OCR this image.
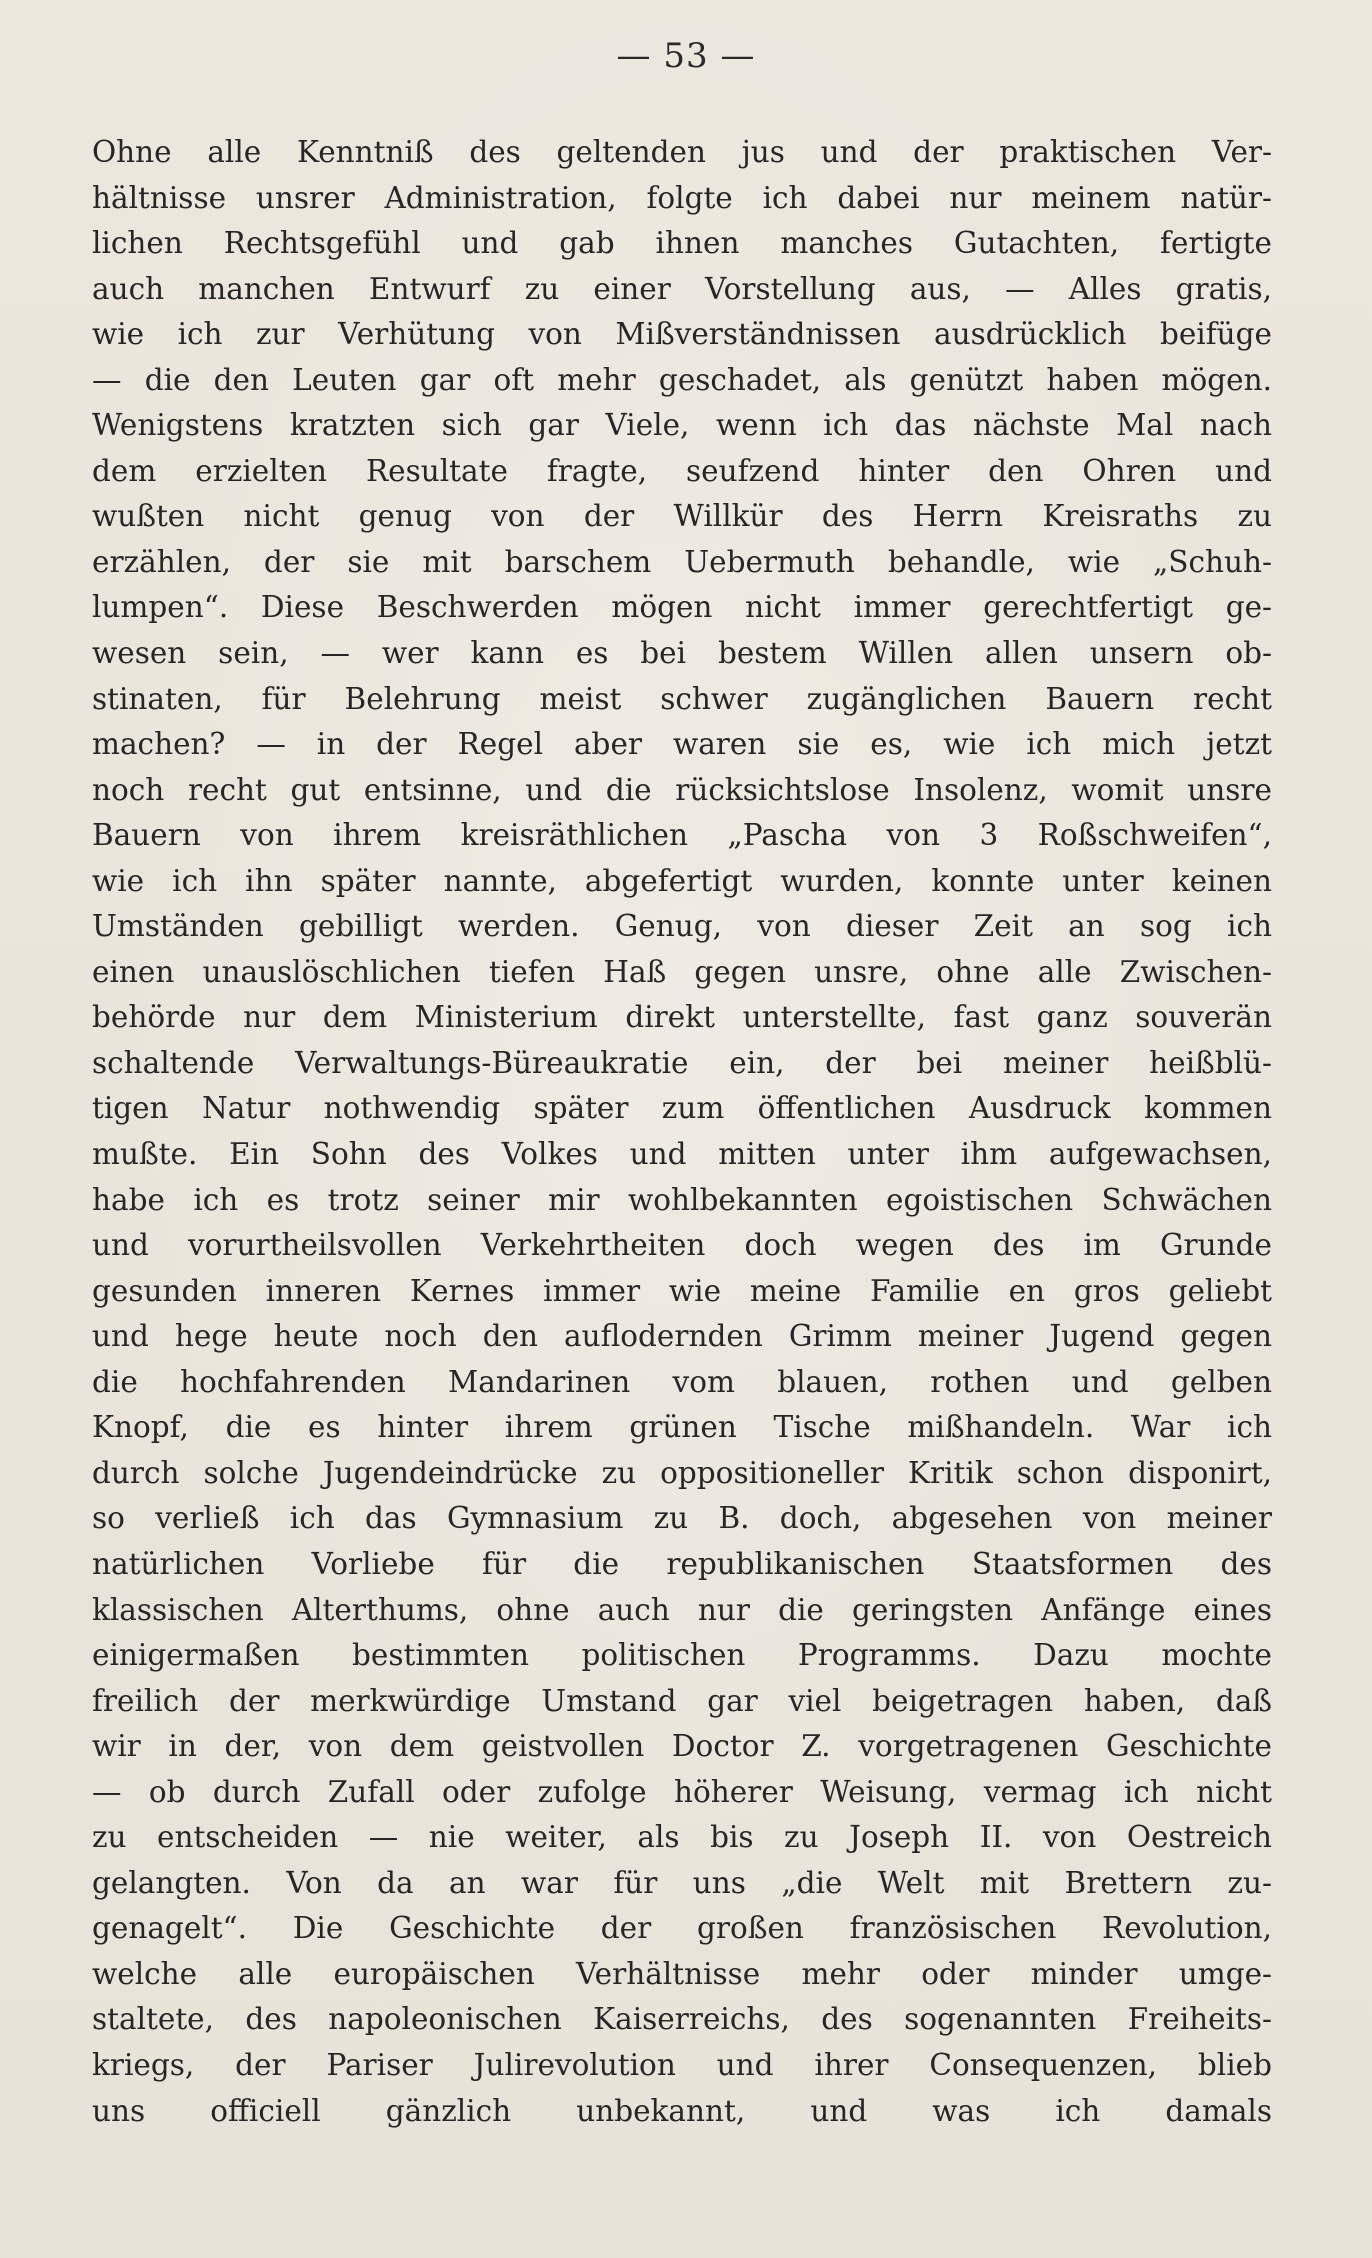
— 53 —
Ohne alle Kenntniß des geltenden jus und der praktischen Ver-
hältnisse unsrer Administration, folgte ich dabei nur meinem natür-
lichen Rechtsgefühl und gab ihnen manches Gutachten, fertigte
auch manchen Entwurf zu einer Vorstellung aus, — Alles gratis,
wie ich zur Verhütung von Mißverständnissen ausdrücklich beifüge
— die den Leuten gar oft mehr geschadet, als genützt haben mögen.
Wenigstens kratzten sich gar Viele, wenn ich das nächste Mal nach
dem erzielten Resultate fragte, seufzend hinter den Ohren und
wußten nicht genug von der Willkür des Herrn Kreisraths zu
erzählen, der sie mit barschem Uebermuth behandle, wie „Schuh-
lumpen“. Diese Beschwerden mögen nicht immer gerechtfertigt ge-
wesen sein, — wer kann es bei bestem Willen allen unsern ob-
stinaten, für Belehrung meist schwer zugänglichen Bauern recht
machen? — in der Regel aber waren sie es, wie ich mich jetzt
noch recht gut entsinne, und die rücksichtslose Insolenz, womit unsre
Bauern von ihrem kreisräthlichen „Pascha von 3 Roßschweifen“,
wie ich ihn später nannte, abgefertigt wurden, konnte unter keinen
Umständen gebilligt werden. Genug, von dieser Zeit an sog ich
einen unauslöschlichen tiefen Haß gegen unsre, ohne alle Zwischen-
behörde nur dem Ministerium direkt unterstellte, fast ganz souverän
schaltende Verwaltungs-Büreaukratie ein, der bei meiner heißblü-
tigen Natur nothwendig später zum öffentlichen Ausdruck kommen
mußte. Ein Sohn des Volkes und mitten unter ihm aufgewachsen,
habe ich es trotz seiner mir wohlbekannten egoistischen Schwächen
und vorurtheilsvollen Verkehrtheiten doch wegen des im Grunde
gesunden inneren Kernes immer wie meine Familie en gros geliebt
und hege heute noch den auflodernden Grimm meiner Jugend gegen
die hochfahrenden Mandarinen vom blauen, rothen und gelben
Knopf, die es hinter ihrem grünen Tische mißhandeln. War ich
durch solche Jugendeindrücke zu oppositioneller Kritik schon disponirt,
so verließ ich das Gymnasium zu B. doch, abgesehen von meiner
natürlichen Vorliebe für die republikanischen Staatsformen des
klassischen Alterthums, ohne auch nur die geringsten Anfänge eines
einigermaßen bestimmten politischen Programms. Dazu mochte
freilich der merkwürdige Umstand gar viel beigetragen haben, daß
wir in der, von dem geistvollen Doctor Z. vorgetragenen Geschichte
— ob durch Zufall oder zufolge höherer Weisung, vermag ich nicht
zu entscheiden — nie weiter, als bis zu Joseph II. von Oestreich
gelangten. Von da an war für uns „die Welt mit Brettern zu-
genagelt“. Die Geschichte der großen französischen Revolution,
welche alle europäischen Verhältnisse mehr oder minder umge-
staltete, des napoleonischen Kaiserreichs, des sogenannten Freiheits-
kriegs, der Pariser Julirevolution und ihrer Consequenzen, blieb
uns officiell gänzlich unbekannt, und was ich damals
